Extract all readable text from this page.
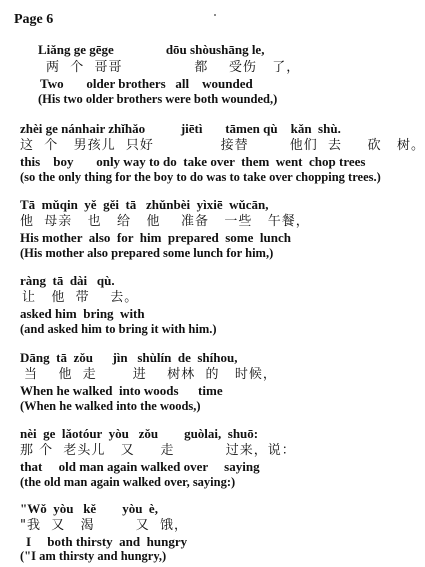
Page 6
Liǎng ge gēge                dōu shòushāng le,
两  个  哥哥              都    受伤   了，
Two       older brothers   all    wounded
(His two older brothers were both wounded,)
zhèi ge nánhair zhǐhǎo           jiētì       tāmen qù    kǎn  shù.
这  个   男孩儿  只好             接替        他们  去     砍   树。
this    boy       only way to do  take over  them  went  chop trees
(so the only thing for the boy to do was to take over chopping trees.)
Tā  mǔqin  yě  gěi  tā   zhǔnbèi  yìxiē  wǔcān,
他  母亲   也   给   他    准备   一些   午餐，
His mother  also  for  him  prepared  some  lunch
(His mother also prepared some lunch for him,)
ràng  tā  dài   qù.
让   他  带    去。
asked him  bring  with
(and asked him to bring it with him.)
Dāng  tā  zǒu      jìn   shùlín  de  shíhou,
当    他  走       进    树林  的   时候，
When he walked  into woods      time
(When he walked into the woods,)
nèi  ge  lǎotóur  yòu   zǒu        guòlai,  shuō:
那 个  老头儿   又     走          过来，说：
that     old man again walked over     saying
(the old man again walked over, saying:)
"Wǒ  yòu   kě        yòu  è,
"我  又   渴        又  饿，
I     both thirsty  and  hungry
("I am thirsty and hungry,)
